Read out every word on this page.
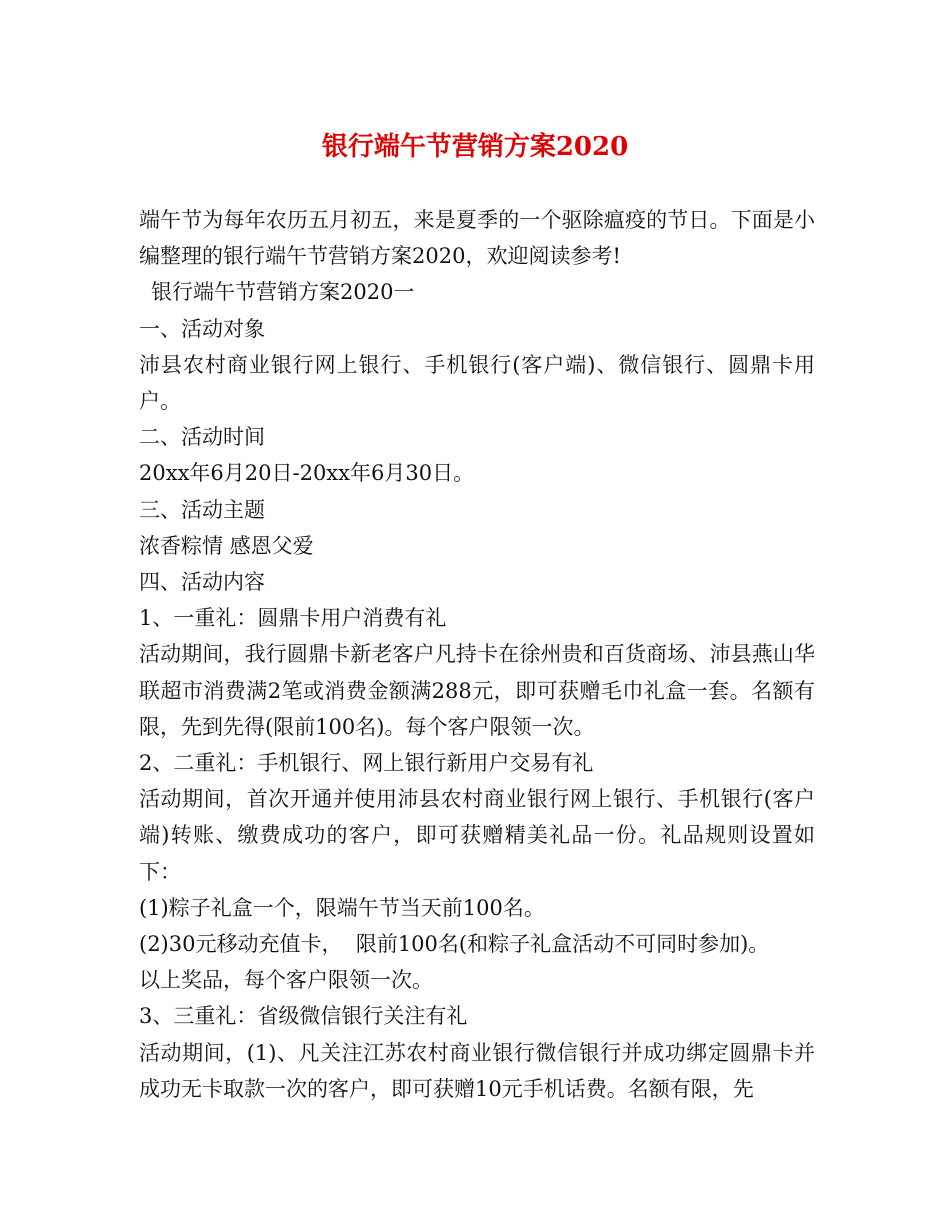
银行端午节营销方案2020

端午节为每年农历五月初五，来是夏季的一个驱除瘟疫的节日。下面是小编整理的银行端午节营销方案2020，欢迎阅读参考!

银行端午节营销方案2020一

一、活动对象

沛县农村商业银行网上银行、手机银行(客户端)、微信银行、圆鼎卡用户。

二、活动时间

20xx年6月20日-20xx年6月30日。

三、活动主题

浓香粽情 感恩父爱

四、活动内容

1、一重礼：圆鼎卡用户消费有礼

活动期间，我行圆鼎卡新老客户凡持卡在徐州贵和百货商场、沛县燕山华联超市消费满2笔或消费金额满288元，即可获赠毛巾礼盒一套。名额有限，先到先得(限前100名)。每个客户限领一次。

2、二重礼：手机银行、网上银行新用户交易有礼

活动期间，首次开通并使用沛县农村商业银行网上银行、手机银行(客户端)转账、缴费成功的客户，即可获赠精美礼品一份。礼品规则设置如下：

(1)粽子礼盒一个，限端午节当天前100名。

(2)30元移动充值卡，  限前100名(和粽子礼盒活动不可同时参加)。

以上奖品，每个客户限领一次。

3、三重礼：省级微信银行关注有礼

活动期间，(1)、凡关注江苏农村商业银行微信银行并成功绑定圆鼎卡并成功无卡取款一次的客户，即可获赠10元手机话费。名额有限，先
